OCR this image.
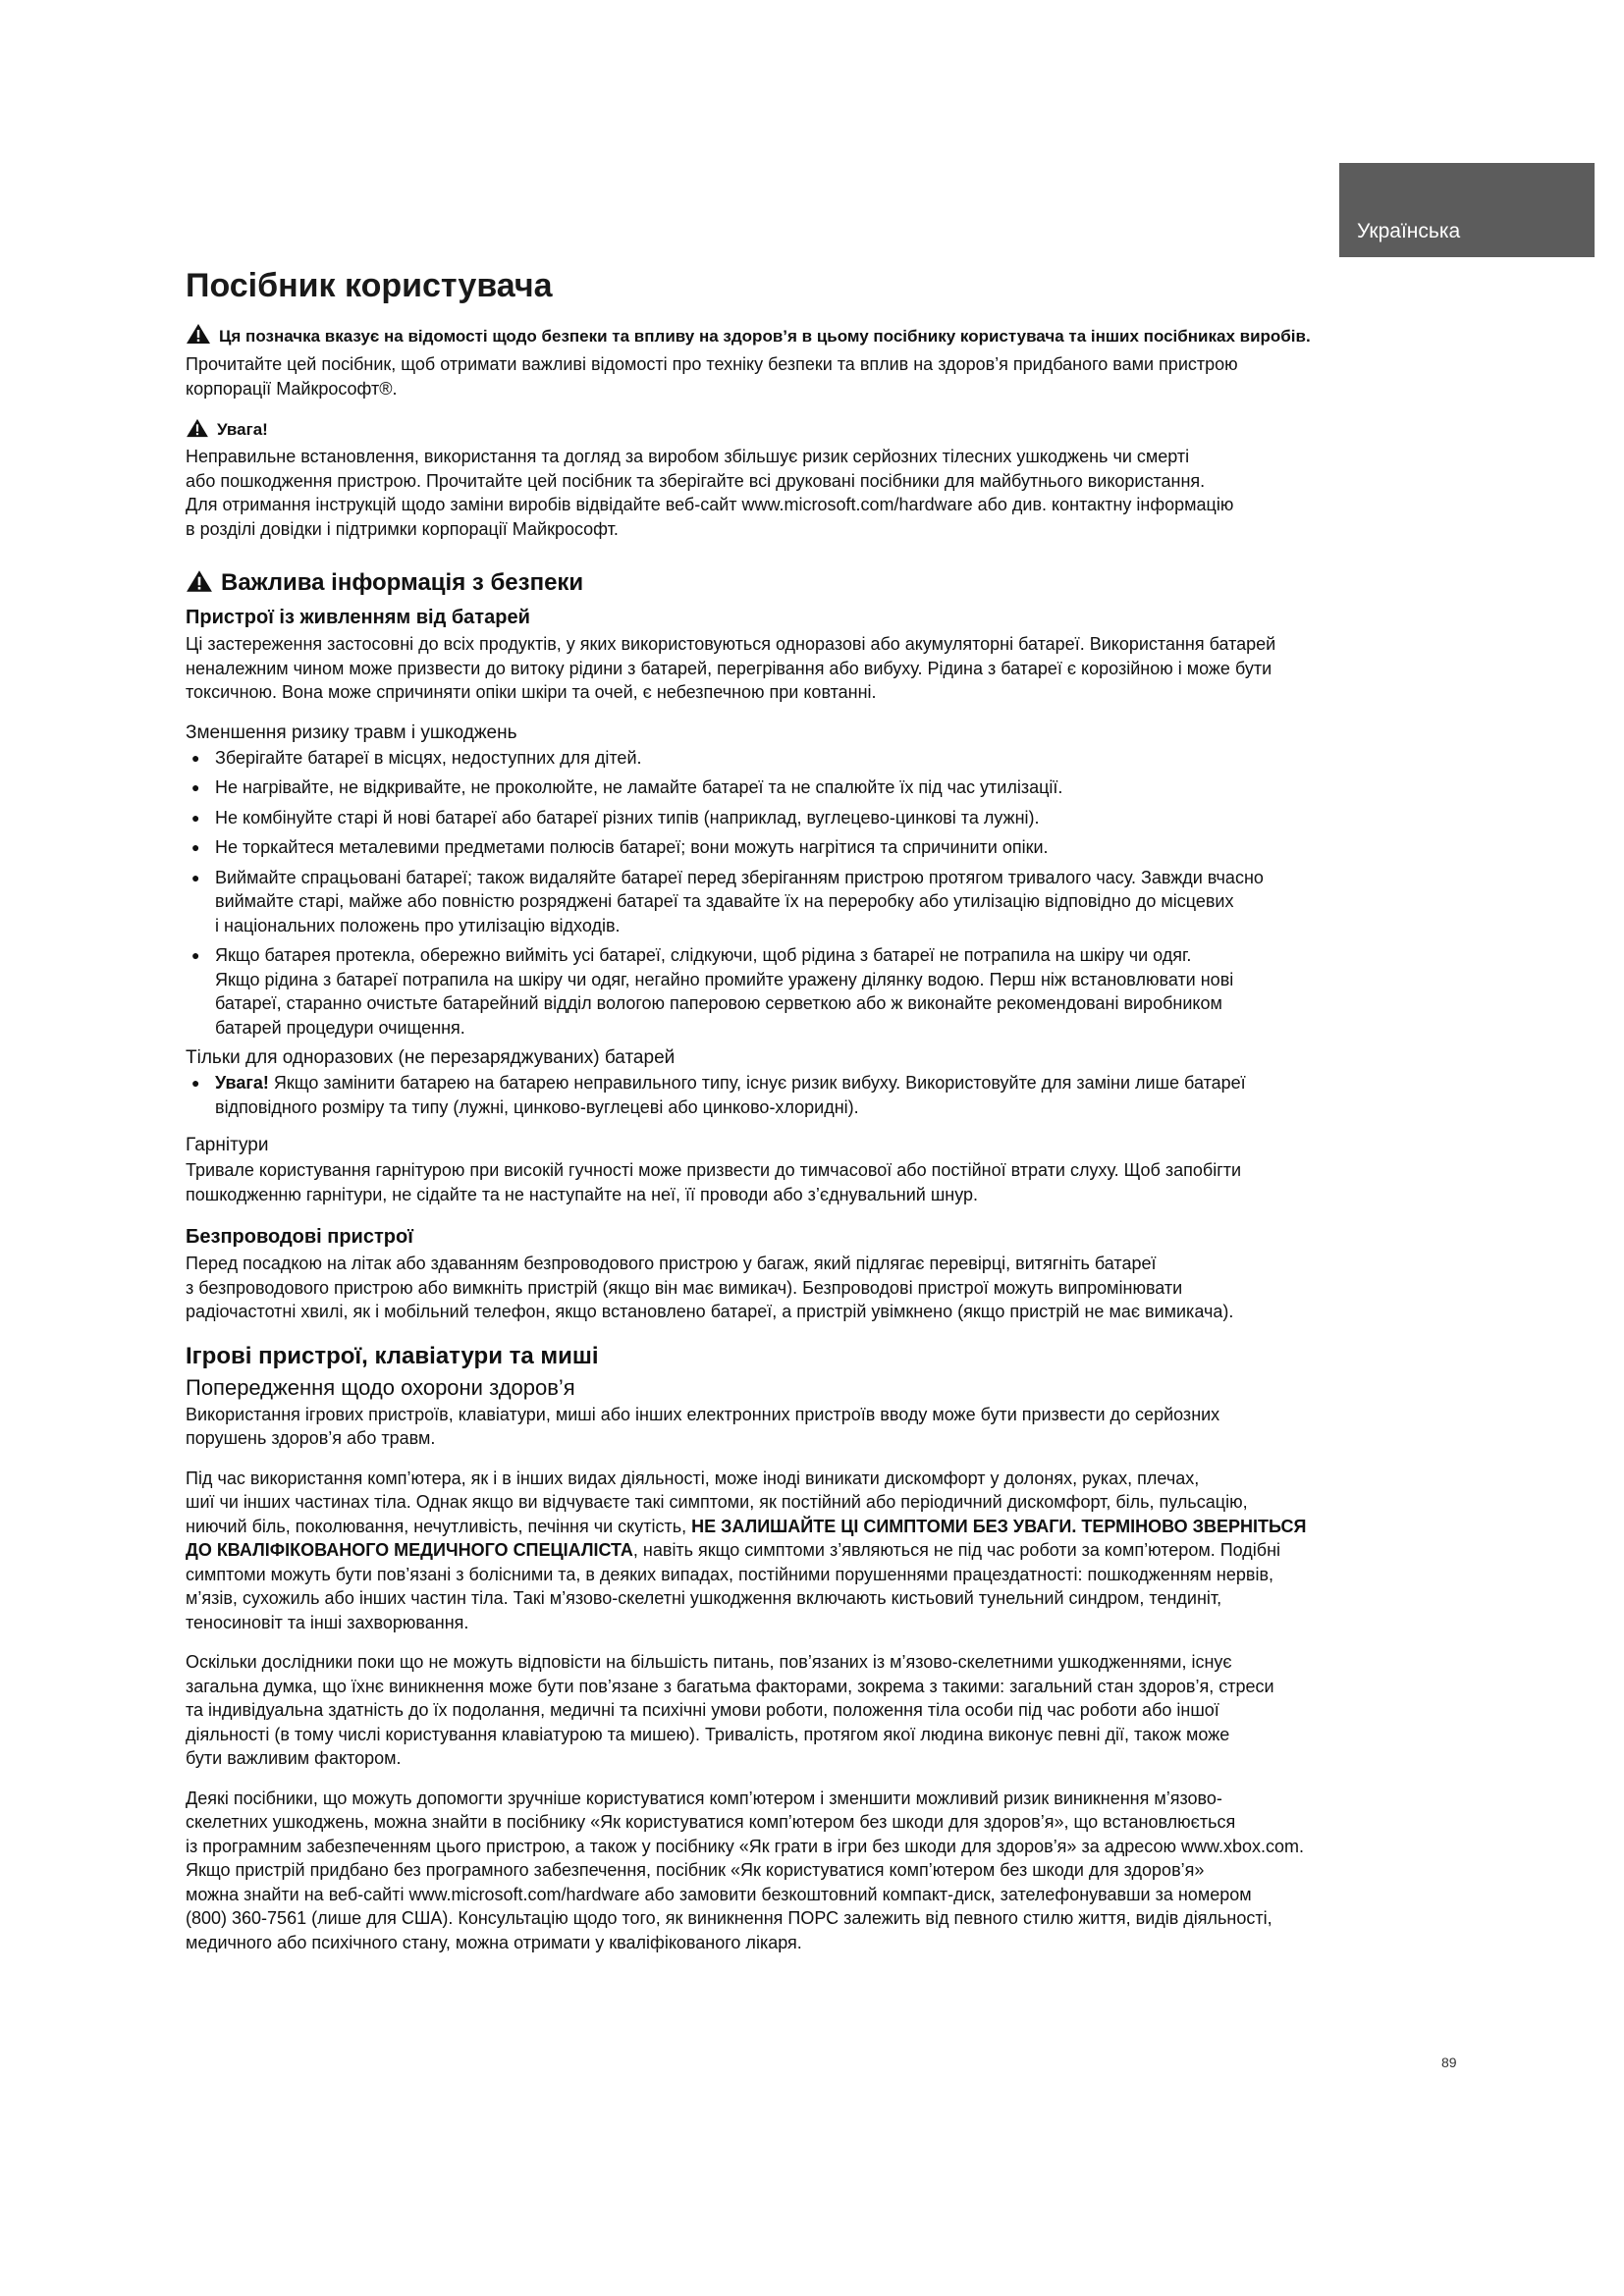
Українська
Посібник користувача

Ця позначка вказує на відомості щодо безпеки та впливу на здоров’я в цьому посібнику користувача та інших посібниках виробів.

Прочитайте цей посібник, щоб отримати важливі відомості про техніку безпеки та вплив на здоров’я придбаного вами пристрою
корпорації Майкрософт®.

Увага!

Неправильне встановлення, використання та догляд за виробом збільшує ризик серйозних тілесних ушкоджень чи смерті
або пошкодження пристрою. Прочитайте цей посібник та зберігайте всі друковані посібники для майбутнього використання.
Для отримання інструкцій щодо заміни виробів відвідайте веб-сайт www.microsoft.com/hardware або див. контактну інформацію
в розділі довідки і підтримки корпорації Майкрософт.

Важлива інформація з безпеки
Пристрої із живленням від батарей

Ці застереження застосовні до всіх продуктів, у яких використовуються одноразові або акумуляторні батареї. Використання батарей
неналежним чином може призвести до витоку рідини з батарей, перегрівання або вибуху. Рідина з батареї є корозійною і може бути
токсичною. Вона може спричиняти опіки шкіри та очей, є небезпечною при ковтанні.

Зменшення ризику травм і ушкоджень
● Зберігайте батареї в місцях, недоступних для дітей.
● Не нагрівайте, не відкривайте, не проколюйте, не ламайте батареї та не спалюйте їх під час утилізації.
● Не комбінуйте старі й нові батареї або батареї різних типів (наприклад, вуглецево-цинкові та лужні).
● Не торкайтеся металевими предметами полюсів батареї; вони можуть нагрітися та спричинити опіки.
● Виймайте спрацьовані батареї; також видаляйте батареї перед зберіганням пристрою протягом тривалого часу. Завжди вчасно
виймайте старі, майже або повністю розряджені батареї та здавайте їх на переробку або утилізацію відповідно до місцевих
і національних положень про утилізацію відходів.
● Якщо батарея протекла, обережно вийміть усі батареї, слідкуючи, щоб рідина з батареї не потрапила на шкіру чи одяг.
Якщо рідина з батареї потрапила на шкіру чи одяг, негайно промийте уражену ділянку водою. Перш ніж встановлювати нові
батареї, старанно очистьте батарейний відділ вологою паперовою серветкою або ж виконайте рекомендовані виробником
батарей процедури очищення.
Тільки для одноразових (не перезаряджуваних) батарей
● Увага! Якщо замінити батарею на батарею неправильного типу, існує ризик вибуху. Використовуйте для заміни лише батареї
відповідного розміру та типу (лужні, цинково-вуглецеві або цинково-хлоридні).
Гарнітури

Тривале користування гарнітурою при високій гучності може призвести до тимчасової або постійної втрати слуху. Щоб запобігти
пошкодженню гарнітури, не сідайте та не наступайте на неї, її проводи або з’єднувальний шнур.

Безпроводові пристрої

Перед посадкою на літак або здаванням безпроводового пристрою у багаж, який підлягає перевірці, витягніть батареї
з безпроводового пристрою або вимкніть пристрій (якщо він має вимикач). Безпроводові пристрої можуть випромінювати
радіочастотні хвилі, як і мобільний телефон, якщо встановлено батареї, а пристрій увімкнено (якщо пристрій не має вимикача).

Ігрові пристрої, клавіатури та миші
Попередження щодо охорони здоров’я

Використання ігрових пристроїв, клавіатури, миші або інших електронних пристроїв вводу може бути призвести до серйозних
порушень здоров’я або травм.

Під час використання комп’ютера, як і в інших видах діяльності, може іноді виникати дискомфорт у долонях, руках, плечах,
шиї чи інших частинах тіла. Однак якщо ви відчуваєте такі симптоми, як постійний або періодичний дискомфорт, біль, пульсацію,
ниючий біль, поколювання, нечутливість, печіння чи скутість, НЕ ЗАЛИШАЙТЕ ЦІ СИМПТОМИ БЕЗ УВАГИ. ТЕРМІНОВО ЗВЕРНІТЬСЯ
ДО КВАЛІФІКОВАНОГО МЕДИЧНОГО СПЕЦІАЛІСТА, навіть якщо симптоми з’являються не під час роботи за комп’ютером. Подібні
симптоми можуть бути пов’язані з болісними та, в деяких випадах, постійними порушеннями працездатності: пошкодженням нервів,
м’язів, сухожиль або інших частин тіла. Такі м’язово-скелетні ушкодження включають кистьовий тунельний синдром, тендиніт,
теносиновіт та інші захворювання.

Оскільки дослідники поки що не можуть відповісти на більшість питань, пов’язаних із м’язово-скелетними ушкодженнями, існує
загальна думка, що їхнє виникнення може бути пов’язане з багатьма факторами, зокрема з такими: загальний стан здоров’я, стреси
та індивідуальна здатність до їх подолання, медичні та психічні умови роботи, положення тіла особи під час роботи або іншої
діяльності (в тому числі користування клавіатурою та мишею). Тривалість, протягом якої людина виконує певні дії, також може
бути важливим фактором.

Деякі посібники, що можуть допомогти зручніше користуватися комп’ютером і зменшити можливий ризик виникнення м’язово-
скелетних ушкоджень, можна знайти в посібнику «Як користуватися комп’ютером без шкоди для здоров’я», що встановлюється
із програмним забезпеченням цього пристрою, а також у посібнику «Як грати в ігри без шкоди для здоров’я» за адресою www.xbox.com.
Якщо пристрій придбано без програмного забезпечення, посібник «Як користуватися комп’ютером без шкоди для здоров’я»
можна знайти на веб-сайті www.microsoft.com/hardware або замовити безкоштовний компакт-диск, зателефонувавши за номером
(800) 360-7561 (лише для США). Консультацію щодо того, як виникнення ПОРС залежить від певного стилю життя, видів діяльності,
медичного або психічного стану, можна отримати у кваліфікованого лікаря.

89
